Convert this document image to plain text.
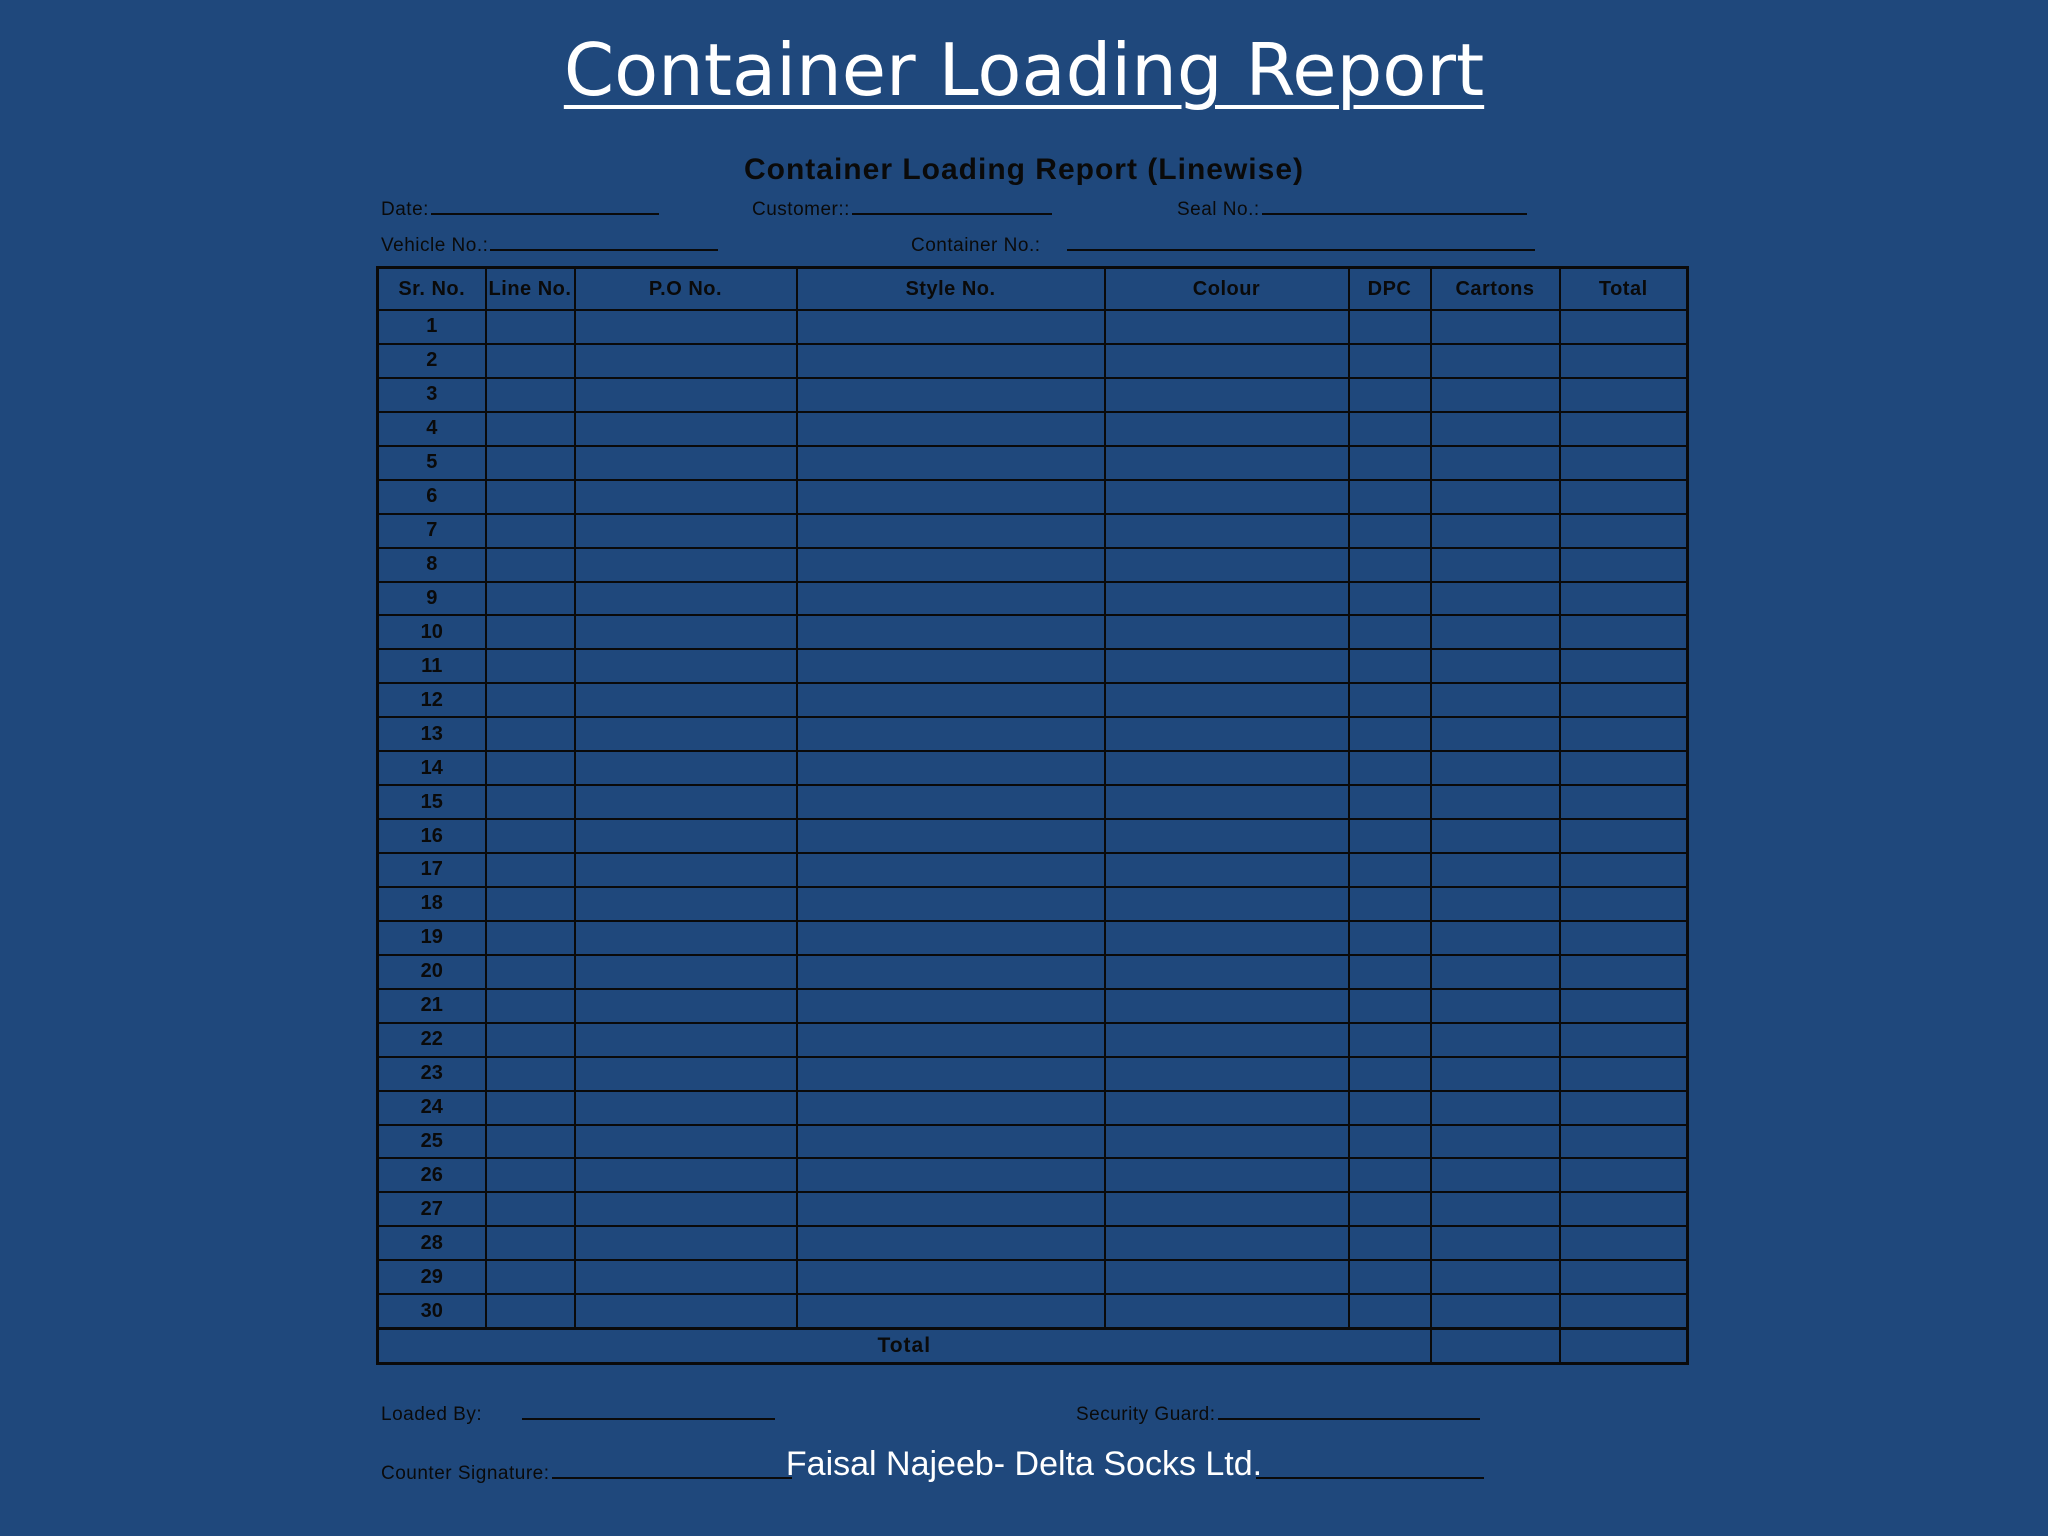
Container Loading Report
Container Loading Report (Linewise)
Date:	Customer::	Seal No.:
Vehicle No.:	Container No.:
Sr. No.	Line No.	P.O No.	Style No.	Colour	DPC	Cartons	Total
1							
2							
3							
4							
5							
6							
7							
8							
9							
10							
11							
12							
13							
14							
15							
16							
17							
18							
19							
20							
21							
22							
23							
24							
25							
26							
27							
28							
29							
30							
Total							
Loaded By:	Security Guard:
Counter Signature:	Faisal Najeeb- Delta Socks Ltd.
